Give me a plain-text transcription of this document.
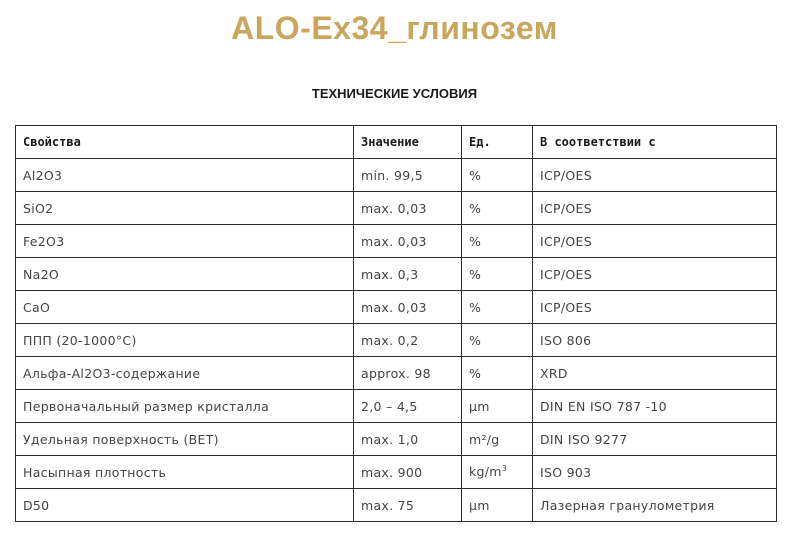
ALO-Ex34_глинозем
ТЕХНИЧЕСКИЕ УСЛОВИЯ
Свойства	Значение	Ед.	В соответствии с
Al2O3	min. 99,5	%	ICP/OES
SiO2	max. 0,03	%	ICP/OES
Fe2O3	max. 0,03	%	ICP/OES
Na2O	max. 0,3	%	ICP/OES
CaO	max. 0,03	%	ICP/OES
ППП (20-1000°C)	max. 0,2	%	ISO 806
Альфа-Al2O3-содержание	approx. 98	%	XRD
Первоначальный размер кристалла	2,0 – 4,5	µm	DIN EN ISO 787 -10
Удельная поверхность (BET)	max. 1,0	m²/g	DIN ISO 9277
Насыпная плотность	max. 900	$kg/m^3$	ISO 903
D50	max. 75	µm	Лазерная гранулометрия
